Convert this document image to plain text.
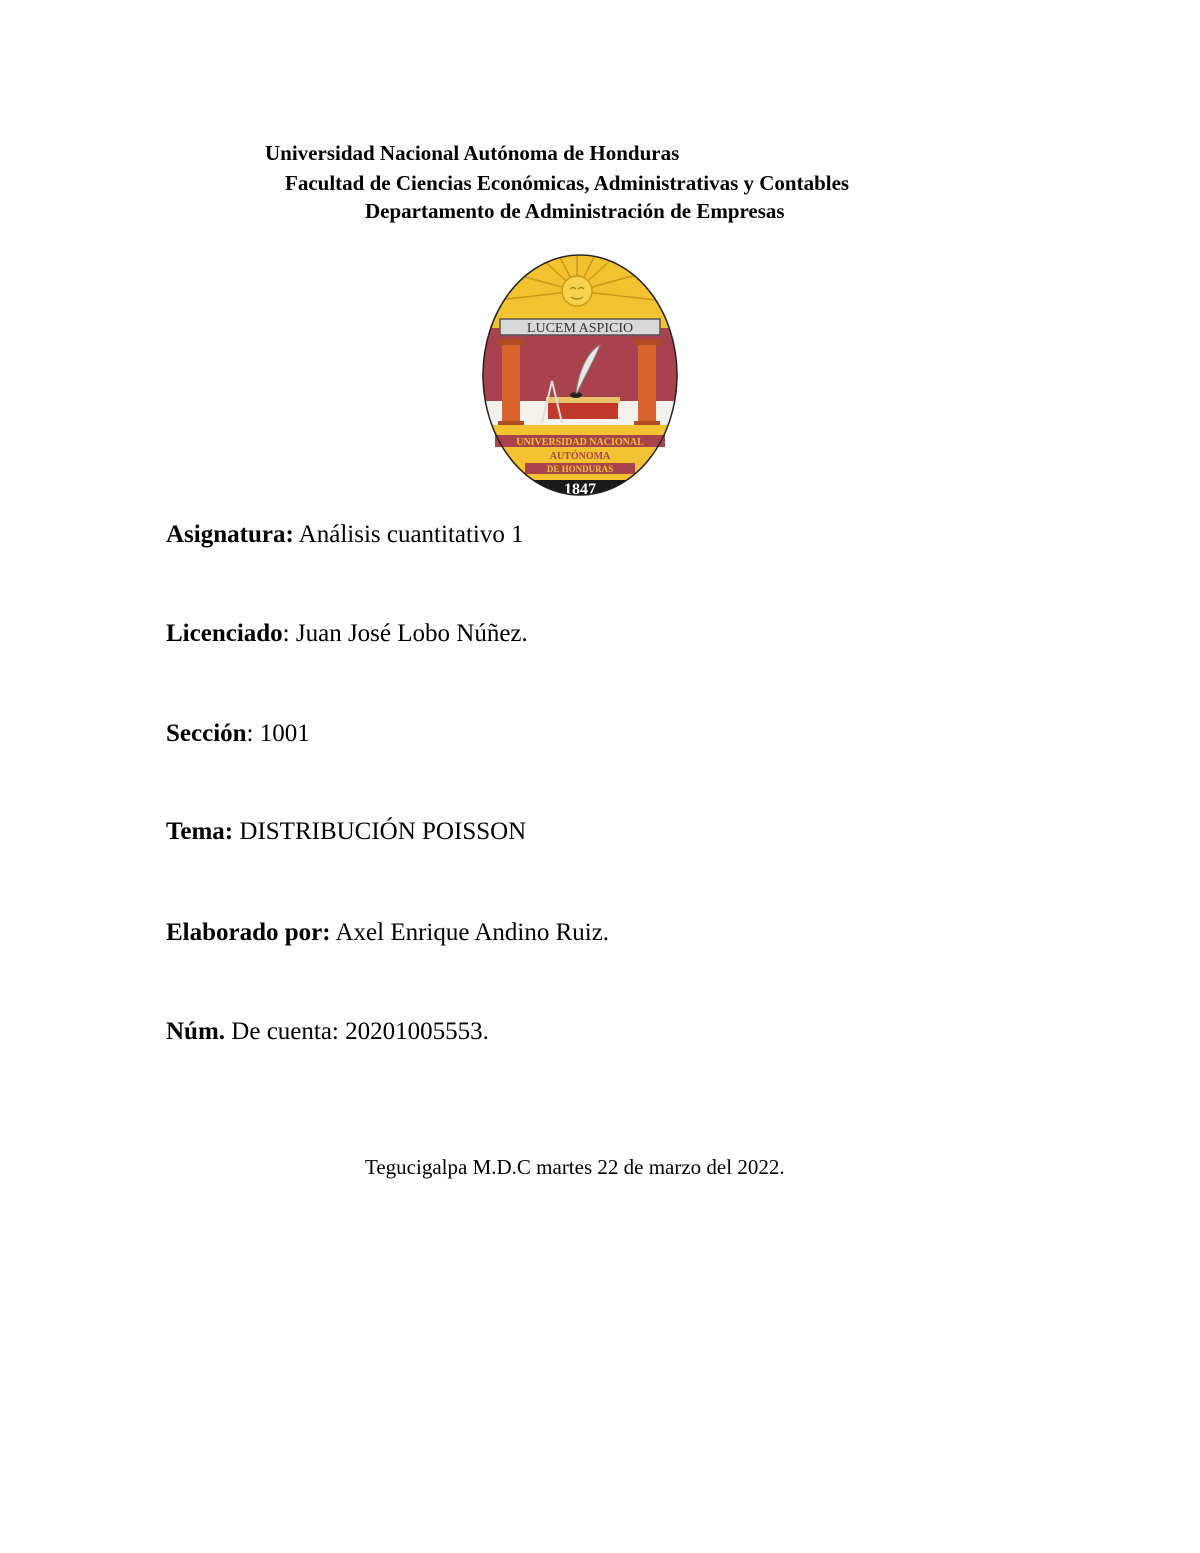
Universidad Nacional Autónoma de Honduras
Facultad de Ciencias Económicas, Administrativas y Contables
Departamento de Administración de Empresas
LUCEM ASPICIO
UNIVERSIDAD NACIONAL
AUTÓNOMA
DE HONDURAS
1847
Asignatura: Análisis cuantitativo 1
Licenciado: Juan José Lobo Núñez.
Sección: 1001
Tema: DISTRIBUCIÓN POISSON
Elaborado por: Axel Enrique Andino Ruiz.
Núm. De cuenta: 20201005553.
Tegucigalpa M.D.C martes 22 de marzo del 2022.
